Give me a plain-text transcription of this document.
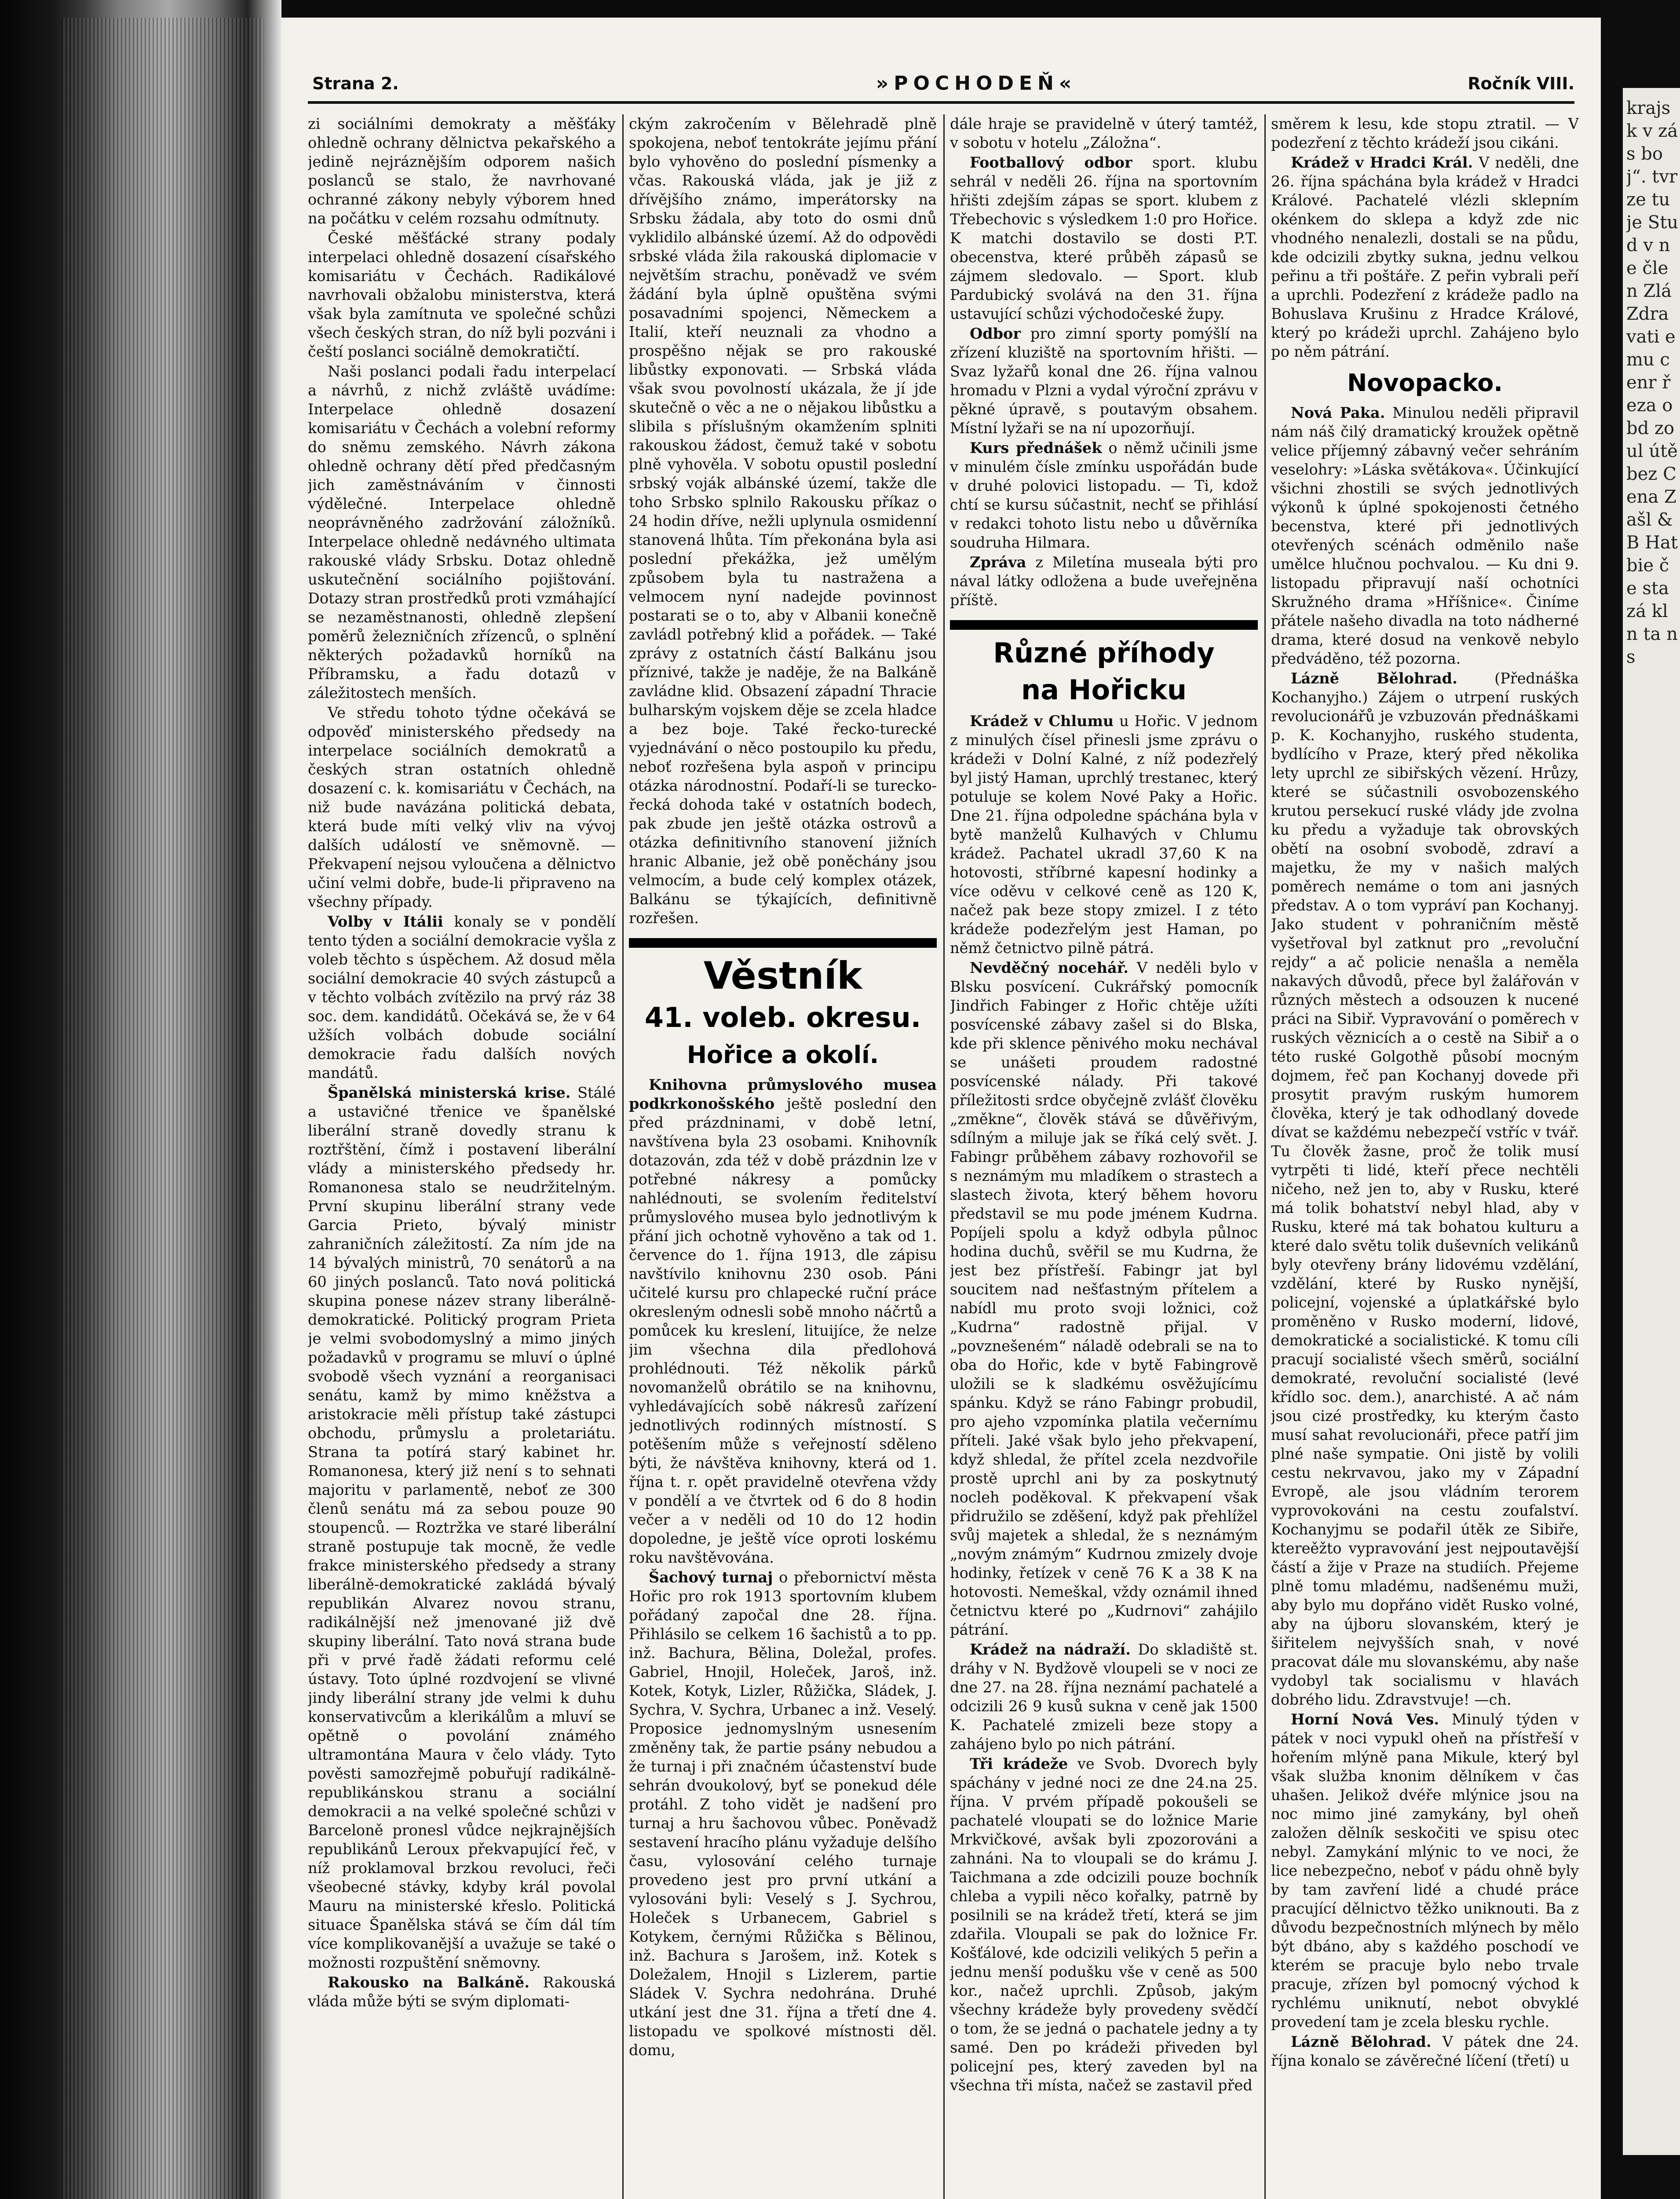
Strana 2.	»POCHODEŇ«	Ročník VIII.

zi sociálními demokraty a měšťáky ohledně ochrany dělnictva pekařského a jedině nejráznějším odporem našich poslanců se stalo, že navrhované ochranné zákony nebyly výborem hned na počátku v celém rozsahu odmítnuty.

České měšťácké strany podaly interpelaci ohledně dosazení císařského komisariátu v Čechách. Radikálové navrhovali obžalobu ministerstva, která však byla zamítnuta ve společné schůzi všech českých stran, do níž byli pozváni i čeští poslanci sociálně demokratičtí.

Naši poslanci podali řadu interpelací a návrhů, z nichž zvláště uvádíme: Interpelace ohledně dosazení komisariátu v Čechách a volební reformy do sněmu zemského. Návrh zákona ohledně ochrany dětí před předčasným jich zaměstnáváním v činnosti výdělečné. Interpelace ohledně neoprávněného zadržování záložníků. Interpelace ohledně nedávného ultimata rakouské vlády Srbsku. Dotaz ohledně uskutečnění sociálního pojištování. Dotazy stran prostředků proti vzmáhající se nezaměstnanosti, ohledně zlepšení poměrů železničních zřízenců, o splnění některých požadavků horníků na Příbramsku, a řadu dotazů v záležitostech menších.

Ve středu tohoto týdne očekává se odpověď ministerského předsedy na interpelace sociálních demokratů a českých stran ostatních ohledně dosazení c. k. komisariátu v Čechách, na niž bude navázána politická debata, která bude míti velký vliv na vývoj dalších událostí ve sněmovně. — Překvapení nejsou vyloučena a dělnictvo učiní velmi dobře, bude-li připraveno na všechny případy.

Volby v Itálii konaly se v pondělí tento týden a sociální demokracie vyšla z voleb těchto s úspěchem. Až dosud měla sociální demokracie 40 svých zástupců a v těchto volbách zvítězilo na prvý ráz 38 soc. dem. kandidátů. Očekává se, že v 64 užších volbách dobude sociální demokracie řadu dalších nových mandátů.

Španělská ministerská krise. Stálé a ustavičné třenice ve španělské liberální straně dovedly stranu k roztřštění, čímž i postavení liberální vlády a ministerského předsedy hr. Romanonesa stalo se neudržitelným. První skupinu liberální strany vede Garcia Prieto, bývalý ministr zahraničních záležitostí. Za ním jde na 14 bývalých ministrů, 70 senátorů a na 60 jiných poslanců. Tato nová politická skupina ponese název strany liberálně-demokratické. Politický program Prieta je velmi svobodomyslný a mimo jiných požadavků v programu se mluví o úplné svobodě všech vyznání a reorganisaci senátu, kamž by mimo kněžstva a aristokracie měli přístup také zástupci obchodu, průmyslu a proletariátu. Strana ta potírá starý kabinet hr. Romanonesa, který již není s to sehnati majoritu v parlamentě, neboť ze 300 členů senátu má za sebou pouze 90 stoupenců. — Roztržka ve staré liberální straně postupuje tak mocně, že vedle frakce ministerského předsedy a strany liberálně-demokratické zakládá bývalý republikán Alvarez novou stranu, radikálnější než jmenované již dvě skupiny liberální. Tato nová strana bude při v prvé řadě žádati reformu celé ústavy. Toto úplné rozdvojení se vlivné jindy liberální strany jde velmi k duhu konservativcům a klerikálům a mluví se opětně o povolání známého ultramontána Maura v čelo vlády. Tyto pověsti samozřejmě pobuřují radikálně-republikánskou stranu a sociální demokracii a na velké společné schůzi v Barceloně pronesl vůdce nejkrajnějších republikánů Leroux překvapující řeč, v níž proklamoval brzkou revoluci, řeči všeobecné stávky, kdyby král povolal Mauru na ministerské křeslo. Politická situace Španělska stává se čím dál tím více komplikovanější a uvažuje se také o možnosti rozpuštění sněmovny.

Rakousko na Balkáně. Rakouská vláda může býti se svým diplomati-

ckým zakročením v Bělehradě plně spokojena, neboť tentokráte jejímu přání bylo vyhověno do poslední písmenky a včas. Rakouská vláda, jak je již z dřívějšího známo, imperátorsky na Srbsku žádala, aby toto do osmi dnů vyklidilo albánské území. Až do odpovědi srbské vláda žila rakouská diplomacie v největším strachu, poněvadž ve svém žádání byla úplně opuštěna svými posavadními spojenci, Německem a Italií, kteří neuznali za vhodno a prospěšno nějak se pro rakouské libůstky exponovati. — Srbská vláda však svou povolností ukázala, že jí jde skutečně o věc a ne o nějakou libůstku a slibila s příslušným okamžením splniti rakouskou žádost, čemuž také v sobotu plně vyhověla. V sobotu opustil poslední srbský voják albánské území, takže dle toho Srbsko splnilo Rakousku příkaz o 24 hodin dříve, nežli uplynula osmidenní stanovená lhůta. Tím překonána byla asi poslední překážka, jež umělým způsobem byla tu nastražena a velmocem nyní nadejde povinnost postarati se o to, aby v Albanii konečně zavládl potřebný klid a pořádek. — Také zprávy z ostatních částí Balkánu jsou příznivé, takže je naděje, že na Balkáně zavládne klid. Obsazení západní Thracie bulharským vojskem děje se zcela hladce a bez boje. Také řecko-turecké vyjednávání o něco postoupilo ku předu, neboť rozřešena byla aspoň v principu otázka národnostní. Podaří-li se turecko-řecká dohoda také v ostatních bodech, pak zbude jen ještě otázka ostrovů a otázka definitivního stanovení jižních hranic Albanie, jež obě poněchány jsou velmocím, a bude celý komplex otázek, Balkánu se týkajících, definitivně rozřešen.

Věstník
41. voleb. okresu.
Hořice a okolí.

Knihovna průmyslového musea podkrkonošského ještě poslední den před prázdninami, v době letní, navštívena byla 23 osobami. Knihovník dotazován, zda též v době prázdnin lze v potřebné nákresy a pomůcky nahlédnouti, se svolením ředitelství průmyslového musea bylo jednotlivým k přání jich ochotně vyhověno a tak od 1. července do 1. října 1913, dle zápisu navštívilo knihovnu 230 osob. Páni učitelé kursu pro chlapecké ruční práce okresleným odnesli sobě mnoho náčrtů a pomůcek ku kreslení, lituijíce, že nelze jim všechna dila předlohová prohlédnouti. Též několik párků novomanželů obrátilo se na knihovnu, vyhledávajících sobě nákresů zařízení jednotlivých rodinných místností. S potěšením může s veřejností sděleno býti, že návštěva knihovny, která od 1. října t. r. opět pravidelně otevřena vždy v pondělí a ve čtvrtek od 6 do 8 hodin večer a v neděli od 10 do 12 hodin dopoledne, je ještě více oproti loskému roku navštěvována.

Šachový turnaj o přebornictví města Hořic pro rok 1913 sportovním klubem pořádaný započal dne 28. října. Přihlásilo se celkem 16 šachistů a to pp. inž. Bachura, Bělina, Doležal, profes. Gabriel, Hnojil, Holeček, Jaroš, inž. Kotek, Kotyk, Lizler, Růžička, Sládek, J. Sychra, V. Sychra, Urbanec a inž. Veselý. Proposice jednomyslným usnesením změněny tak, že partie psány nebudou a že turnaj i při značném účastenství bude sehrán dvoukolový, byť se ponekud déle protáhl. Z toho vidět je nadšení pro turnaj a hru šachovou vůbec. Poněvadž sestavení hracího plánu vyžaduje delšího času, vylosování celého turnaje provedeno jest pro první utkání a vylosováni byli: Veselý s J. Sychrou, Holeček s Urbanecem, Gabriel s Kotykem, černými Růžička s Bělinou, inž. Bachura s Jarošem, inž. Kotek s Doležalem, Hnojil s Lizlerem, partie Sládek V. Sychra nedohrána. Druhé utkání jest dne 31. října a třetí dne 4. listopadu ve spolkové místnosti děl. domu,

dále hraje se pravidelně v úterý tamtéž, v sobotu v hotelu „Záložna“.

Footballový odbor sport. klubu sehrál v neděli 26. října na sportovním hřišti zdejším zápas se sport. klubem z Třebechovic s výsledkem 1:0 pro Hořice. K matchi dostavilo se dosti P.T. obecenstva, které průběh zápasů se zájmem sledovalo. — Sport. klub Pardubický svolává na den 31. října ustavující schůzi východočeské župy.

Odbor pro zimní sporty pomýšlí na zřízení kluziště na sportovním hřišti. — Svaz lyžařů konal dne 26. října valnou hromadu v Plzni a vydal výroční zprávu v pěkné úpravě, s poutavým obsahem. Místní lyžaři se na ní upozorňují.

Kurs přednášek o němž učinili jsme v minulém čísle zmínku uspořádán bude v druhé polovici listopadu. — Ti, kdož chtí se kursu súčastnit, nechť se přihlásí v redakci tohoto listu nebo u důvěrníka soudruha Hilmara.

Zpráva z Miletína museala býti pro nával látky odložena a bude uveřejněna příště.

Různé příhody
na Hořicku

Krádež v Chlumu u Hořic. V jednom z minulých čísel přinesli jsme zprávu o krádeži v Dolní Kalné, z níž podezřelý byl jistý Haman, uprchlý trestanec, který potuluje se kolem Nové Paky a Hořic. Dne 21. října odpoledne spáchána byla v bytě manželů Kulhavých v Chlumu krádež. Pachatel ukradl 37,60 K na hotovosti, stříbrné kapesní hodinky a více oděvu v celkové ceně as 120 K, načež pak beze stopy zmizel. I z této krádeže podezřelým jest Haman, po němž četnictvo pilně pátrá.

Nevděčný nocehář. V neděli bylo v Blsku posvícení. Cukrářský pomocník Jindřich Fabinger z Hořic chtěje užíti posvícenské zábavy zašel si do Blska, kde při sklence pěnivého moku nechával se unášeti proudem radostné posvícenské nálady. Při takové příležitosti srdce obyčejně zvlášť člověku „změkne“, člověk stává se důvěřivým, sdílným a miluje jak se říká celý svět. J. Fabingr průběhem zábavy rozhovořil se s neznámým mu mladíkem o strastech a slastech života, který během hovoru představil se mu pode jménem Kudrna. Popíjeli spolu a když odbyla půlnoc hodina duchů, svěřil se mu Kudrna, že jest bez přístřeší. Fabingr jat byl soucitem nad nešťastným přítelem a nabídl mu proto svoji ložnici, což „Kudrna“ radostně přijal. V „povznešeném“ náladě odebrali se na to oba do Hořic, kde v bytě Fabingrově uložili se k sladkému osvěžujícímu spánku. Když se ráno Fabingr probudil, pro ajeho vzpomínka platila večernímu příteli. Jaké však bylo jeho překvapení, když shledal, že přítel zcela nezdvořile prostě uprchl ani by za poskytnutý nocleh poděkoval. K překvapení však přidružilo se zděšení, když pak přehlížel svůj majetek a shledal, že s neznámým „novým známým“ Kudrnou zmizely dvoje hodinky, řetízek v ceně 76 K a 38 K na hotovosti. Nemeškal, vždy oznámil ihned četnictvu které po „Kudrnovi“ zahájilo pátrání.

Krádež na nádraží. Do skladiště st. dráhy v N. Bydžově vloupeli se v noci ze dne 27. na 28. října neznámí pachatelé a odcizili 26 9 kusů sukna v ceně jak 1500 K. Pachatelé zmizeli beze stopy a zahájeno bylo po nich pátrání.

Tři krádeže ve Svob. Dvorech byly spáchány v jedné noci ze dne 24.na 25. října. V prvém případě pokoušeli se pachatelé vloupati se do ložnice Marie Mrkvičkové, avšak byli zpozorováni a zahnáni. Na to vloupali se do krámu J. Taichmana a zde odcizili pouze bochník chleba a vypili něco kořalky, patrně by posilnili se na krádež třetí, která se jim zdařila. Vloupali se pak do ložnice Fr. Košťálové, kde odcizili velikých 5 peřin a jednu menší podušku vše v ceně as 500 kor., načež uprchli. Způsob, jakým všechny krádeže byly provedeny svědčí o tom, že se jedná o pachatele jedny a ty samé. Den po krádeži přiveden byl policejní pes, který zaveden byl na všechna tři místa, načež se zastavil před

směrem k lesu, kde stopu ztratil. — V podezření z těchto krádeží jsou cikáni.

Krádež v Hradci Král. V neděli, dne 26. října spáchána byla krádež v Hradci Králové. Pachatelé vlézli sklepním okénkem do sklepa a když zde nic vhodného nenalezli, dostali se na půdu, kde odcizili zbytky sukna, jednu velkou peřinu a tři poštáře. Z peřin vybrali peří a uprchli. Podezření z krádeže padlo na Bohuslava Krušinu z Hradce Králové, který po krádeži uprchl. Zahájeno bylo po něm pátrání.

Novopacko.

Nová Paka. Minulou neděli připravil nám náš čilý dramatický kroužek opětně velice příjemný zábavný večer sehráním veselohry: »Láska světákova«. Účinkující všichni zhostili se svých jednotlivých výkonů k úplné spokojenosti četného becenstva, které při jednotlivých otevřených scénách odměnilo naše umělce hlučnou pochvalou. — Ku dni 9. listopadu připravují naší ochotníci Skružného drama »Hříšnice«. Činíme přátele našeho divadla na toto nádherné drama, které dosud na venkově nebylo předváděno, též pozorna.

Lázně Bělohrad.	(Přednáška Kochanyjho.) Zájem o utrpení ruských revolucionářů je vzbuzován přednáškami p. K. Kochanyjho, ruského studenta, bydlícího v Praze, který před několika lety uprchl ze sibiřských vězení. Hrůzy, které se súčastnili osvobozenského krutou persekucí ruské vlády jde zvolna ku předu a vyžaduje tak obrovských obětí na osobní svobodě, zdraví a majetku, že my v našich malých poměrech nemáme o tom ani jasných představ. A o tom vypráví pan Kochanyj. Jako student v pohraničním městě vyšetřoval byl zatknut pro „revoluční rejdy“ a ač policie nenašla a neměla nakavých důvodů, přece byl žalářován v různých městech a odsouzen k nucené práci na Sibiř. Vypravování o poměrech v ruských věznicích a o cestě na Sibiř a o této ruské Golgothě působí mocným dojmem, řeč pan Kochanyj dovede při prosytit pravým ruským humorem člověka, který je tak odhodlaný dovede dívat se každému nebezpečí vstříc v tvář. Tu člověk žasne, proč že tolik musí vytrpěti ti lidé, kteří přece nechtěli ničeho, než jen to, aby v Rusku, které má tolik bohatství nebyl hlad, aby v Rusku, které má tak bohatou kulturu a které dalo světu tolik duševních velikánů byly otevřeny brány lidovému vzdělání, vzdělání, které by Rusko nynější, policejní, vojenské a úplatkářské bylo proměněno v Rusko moderní, lidové, demokratické a socialistické. K tomu cíli pracují socialisté všech směrů, sociální demokraté, revoluční socialisté (levé křídlo soc. dem.), anarchisté. A ač nám jsou cizé prostředky, ku kterým často musí sahat revolucionáři, přece patří jim plné naše sympatie. Oni jistě by volili cestu nekrvavou, jako my v Západní Evropě, ale jsou vládním terorem vyprovokováni na cestu zoufalství. Kochanyjmu se podařil útěk ze Sibiře, ktereěžto vypravování jest nejpoutavější částí a žije v Praze na studiích. Přejeme plně tomu mladému, nadšenému muži, aby bylo mu dopřáno vidět Rusko volné, aby na újboru slovanském, který je šiřitelem nejvyšších snah, v nové pracovat dále mu slovanskému, aby naše vydobyl tak socialismu v hlavách dobrého lidu. Zdravstvuje! —ch.

Horní Nová Ves. Minulý týden v pátek v noci vypukl oheň na přístřeší v hořením mlýně pana Mikule, který byl však služba knonim dělníkem v čas uhašen. Jelikož dvéře mlýnice jsou na noc mimo jiné zamykány, byl oheň založen dělník seskočiti ve spisu otec nebyl. Zamykání mlýnic to ve noci, že lice nebezpečno, neboť v pádu ohně byly by tam zavření lidé a chudé práce pracující dělnictvo těžko uniknouti. Ba z důvodu bezpečnostních mlýnech by mělo být dbáno, aby s každého poschodí ve kterém se pracuje bylo nebo trvale pracuje, zřízen byl pomocný východ k rychlému uniknutí, nebot obvyklé provedení tam je zcela blesku rychle.

Lázně Bělohrad. V pátek dne 24. října konalo se závěrečné líčení (třetí) u

krajsk v zás boj“. tvrze tu je Stud v ne člen Zlá Zdra vati emu cenr řeza obd zoul útě bez Cena Zašl & B Hat bie če sta zá kl n ta n s
